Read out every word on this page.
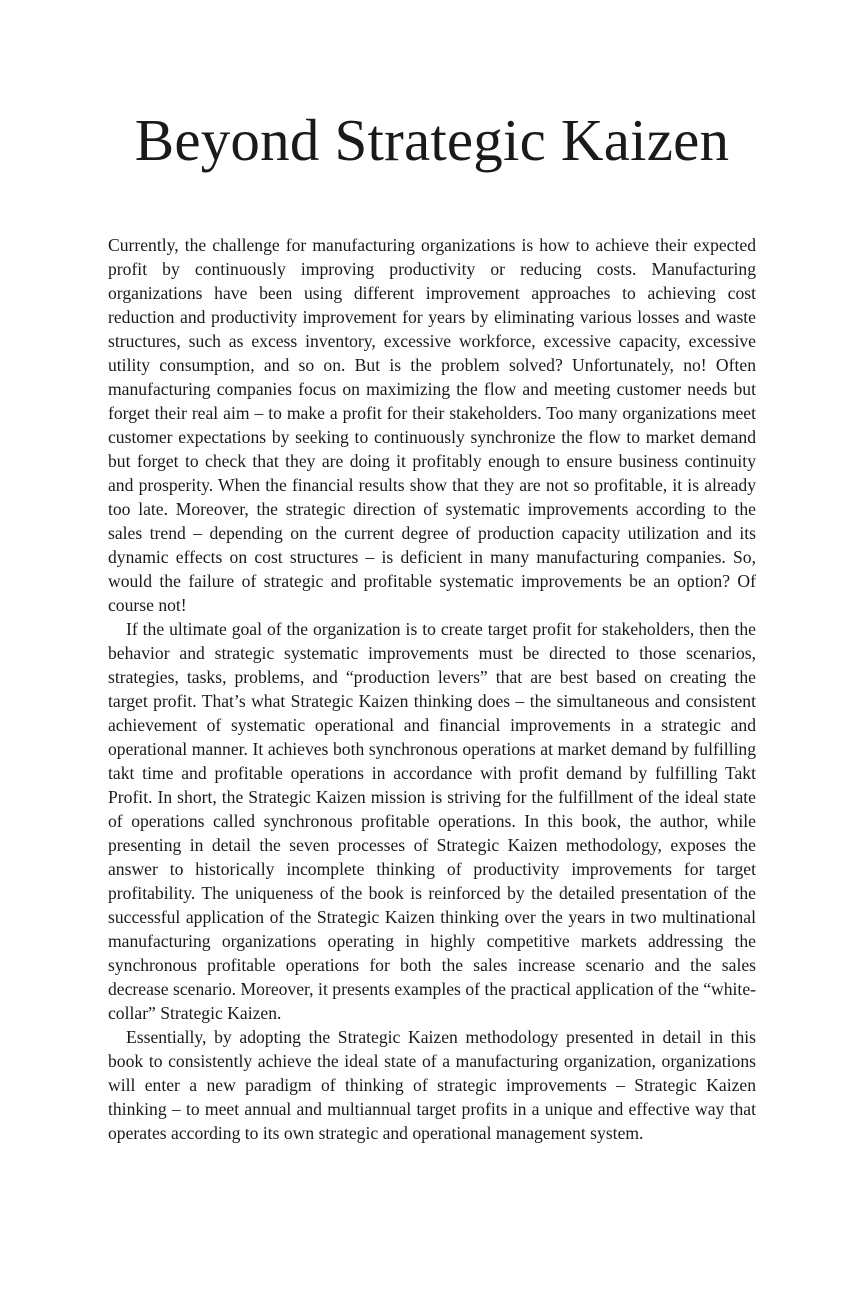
Beyond Strategic Kaizen

Currently, the challenge for manufacturing organizations is how to achieve their expected profit by continuously improving productivity or reducing costs. Manufacturing organizations have been using different improvement approaches to achieving cost reduction and productivity improvement for years by eliminating various losses and waste structures, such as excess inventory, excessive workforce, excessive capacity, excessive utility consumption, and so on. But is the problem solved? Unfortunately, no! Often manufacturing companies focus on maximizing the flow and meeting customer needs but forget their real aim – to make a profit for their stakeholders. Too many organizations meet customer expectations by seeking to continuously synchronize the flow to market demand but forget to check that they are doing it profitably enough to ensure business continuity and prosperity. When the financial results show that they are not so profitable, it is already too late. Moreover, the strategic direction of systematic improvements according to the sales trend – depending on the current degree of production capacity utilization and its dynamic effects on cost structures – is deficient in many manufacturing companies. So, would the failure of strategic and profitable systematic improvements be an option? Of course not!

If the ultimate goal of the organization is to create target profit for stakeholders, then the behavior and strategic systematic improvements must be directed to those scenarios, strategies, tasks, problems, and “production levers” that are best based on creating the target profit. That’s what Strategic Kaizen thinking does – the simultaneous and consistent achievement of systematic operational and financial improvements in a strategic and operational manner. It achieves both synchronous operations at market demand by fulfilling takt time and profitable operations in accordance with profit demand by fulfilling Takt Profit. In short, the Strategic Kaizen mission is striving for the fulfillment of the ideal state of operations called synchronous profitable operations. In this book, the author, while presenting in detail the seven processes of Strategic Kaizen methodology, exposes the answer to historically incomplete thinking of productivity improvements for target profitability. The uniqueness of the book is reinforced by the detailed presentation of the successful application of the Strategic Kaizen thinking over the years in two multinational manufacturing organizations operating in highly competitive markets addressing the synchronous profitable operations for both the sales increase scenario and the sales decrease scenario. Moreover, it presents examples of the practical application of the “white-collar” Strategic Kaizen.

Essentially, by adopting the Strategic Kaizen methodology presented in detail in this book to consistently achieve the ideal state of a manufacturing organization, organizations will enter a new paradigm of thinking of strategic improvements – Strategic Kaizen thinking – to meet annual and multiannual target profits in a unique and effective way that operates according to its own strategic and operational management system.
